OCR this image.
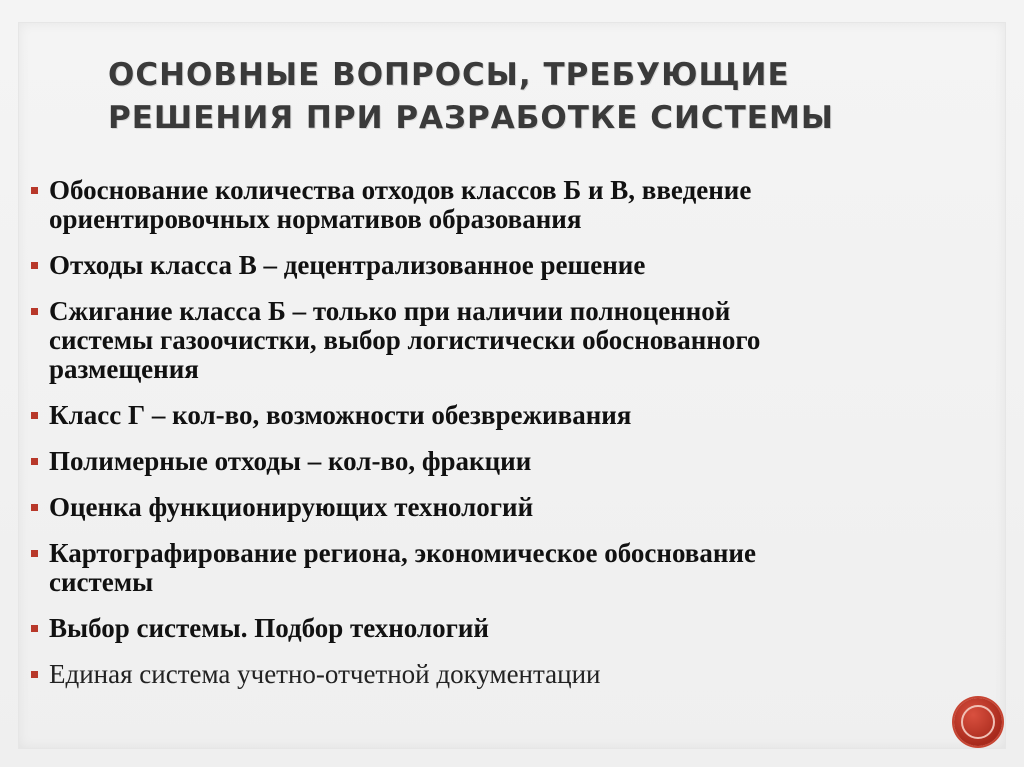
ОСНОВНЫЕ ВОПРОСЫ, ТРЕБУЮЩИЕ
РЕШЕНИЯ ПРИ РАЗРАБОТКЕ СИСТЕМЫ
Обоснование количества отходов классов Б и В, введение
ориентировочных нормативов образования
Отходы класса В – децентрализованное решение
Сжигание класса Б – только при наличии полноценной
системы газоочистки, выбор логистически обоснованного
размещения
Класс Г – кол-во, возможности обезвреживания
Полимерные отходы – кол-во, фракции
Оценка функционирующих технологий
Картографирование региона, экономическое обоснование
системы
Выбор системы. Подбор технологий
Единая система учетно-отчетной документации
